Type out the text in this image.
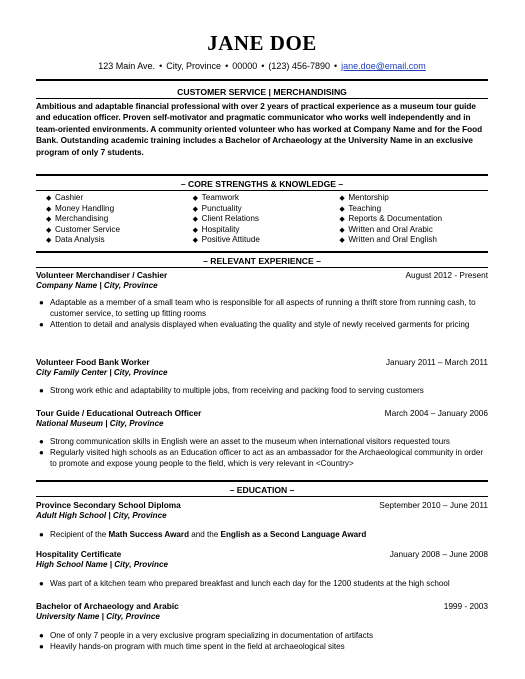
JANE DOE
123 Main Ave. • City, Province • 00000 • (123) 456-7890 • jane.doe@email.com
CUSTOMER SERVICE | MERCHANDISING
Ambitious and adaptable financial professional with over 2 years of practical experience as a museum tour guide and education officer. Proven self-motivator and pragmatic communicator who works well independently and in team-oriented environments. A community oriented volunteer who has worked at Company Name and for the Food Bank. Outstanding academic training includes a Bachelor of Archaeology at the University Name in an exclusive program of only 7 students.
– CORE STRENGTHS & KNOWLEDGE –
◆ Cashier
◆ Money Handling
◆ Merchandising
◆ Customer Service
◆ Data Analysis
◆ Teamwork
◆ Punctuality
◆ Client Relations
◆ Hospitality
◆ Positive Attitude
◆ Mentorship
◆ Teaching
◆ Reports & Documentation
◆ Written and Oral Arabic
◆ Written and Oral English
– RELEVANT EXPERIENCE –
Volunteer Merchandiser / Cashier	August 2012 - Present
Company Name | City, Province
● Adaptable as a member of a small team who is responsible for all aspects of running a thrift store from running cash, to customer service, to setting up fitting rooms
● Attention to detail and analysis displayed when evaluating the quality and style of newly received garments for pricing
Volunteer Food Bank Worker	January 2011 – March 2011
City Family Center | City, Province
● Strong work ethic and adaptability to multiple jobs, from receiving and packing food to serving customers
Tour Guide / Educational Outreach Officer	March 2004 – January 2006
National Museum | City, Province
● Strong communication skills in English were an asset to the museum when international visitors requested tours
● Regularly visited high schools as an Education officer to act as an ambassador for the Archaeological community in order to promote and expose young people to the field, which is very relevant in <Country>
– EDUCATION –
Province Secondary School Diploma	September 2010 – June 2011
Adult High School | City, Province
● Recipient of the Math Success Award and the English as a Second Language Award
Hospitality Certificate	January 2008 – June 2008
High School Name | City, Province
● Was part of a kitchen team who prepared breakfast and lunch each day for the 1200 students at the high school
Bachelor of Archaeology and Arabic	1999 - 2003
University Name | City, Province
● One of only 7 people in a very exclusive program specializing in documentation of artifacts
● Heavily hands-on program with much time spent in the field at archaeological sites
